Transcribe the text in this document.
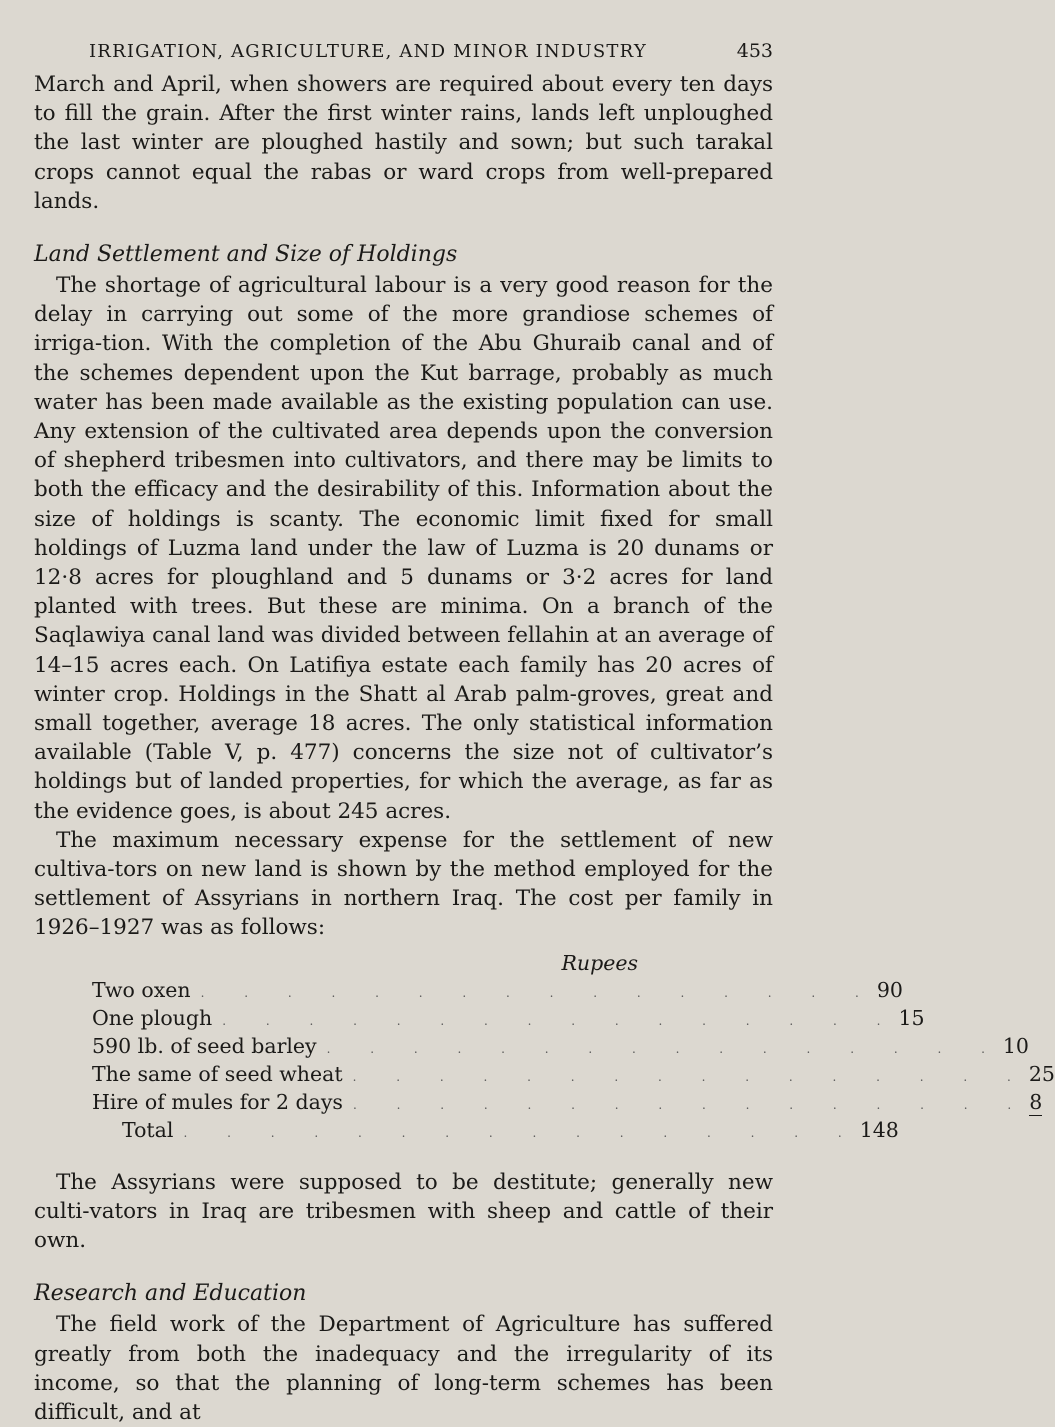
IRRIGATION, AGRICULTURE, AND MINOR INDUSTRY	453

March and April, when showers are required about every ten days to fill the grain. After the first winter rains, lands left unploughed the last winter are ploughed hastily and sown; but such tarakal crops cannot equal the rabas or ward crops from well-prepared lands.

Land Settlement and Size of Holdings

The shortage of agricultural labour is a very good reason for the delay in carrying out some of the more grandiose schemes of irriga-tion. With the completion of the Abu Ghuraib canal and of the schemes dependent upon the Kut barrage, probably as much water has been made available as the existing population can use. Any extension of the cultivated area depends upon the conversion of shepherd tribesmen into cultivators, and there may be limits to both the efficacy and the desirability of this. Information about the size of holdings is scanty. The economic limit fixed for small holdings of Luzma land under the law of Luzma is 20 dunams or 12·8 acres for ploughland and 5 dunams or 3·2 acres for land planted with trees. But these are minima. On a branch of the Saqlawiya canal land was divided between fellahin at an average of 14–15 acres each. On Latifiya estate each family has 20 acres of winter crop. Holdings in the Shatt al Arab palm-groves, great and small together, average 18 acres. The only statistical information available (Table V, p. 477) concerns the size not of cultivator’s holdings but of landed properties, for which the average, as far as the evidence goes, is about 245 acres.

The maximum necessary expense for the settlement of new cultiva-tors on new land is shown by the method employed for the settlement of Assyrians in northern Iraq. The cost per family in 1926–1927 was as follows:

Rupees
Two oxen . . . . . . . . . . . . . . . . 90
One plough . . . . . . . . . . . . . . . . 15
590 lb. of seed barley . . . . . . . . . . . . . . . . 10
The same of seed wheat . . . . . . . . . . . . . . . . 25
Hire of mules for 2 days . . . . . . . . . . . . . . . . 8
Total . . . . . . . . . . . . . . . . 148

The Assyrians were supposed to be destitute; generally new culti-vators in Iraq are tribesmen with sheep and cattle of their own.

Research and Education

The field work of the Department of Agriculture has suffered greatly from both the inadequacy and the irregularity of its income, so that the planning of long-term schemes has been difficult, and at
